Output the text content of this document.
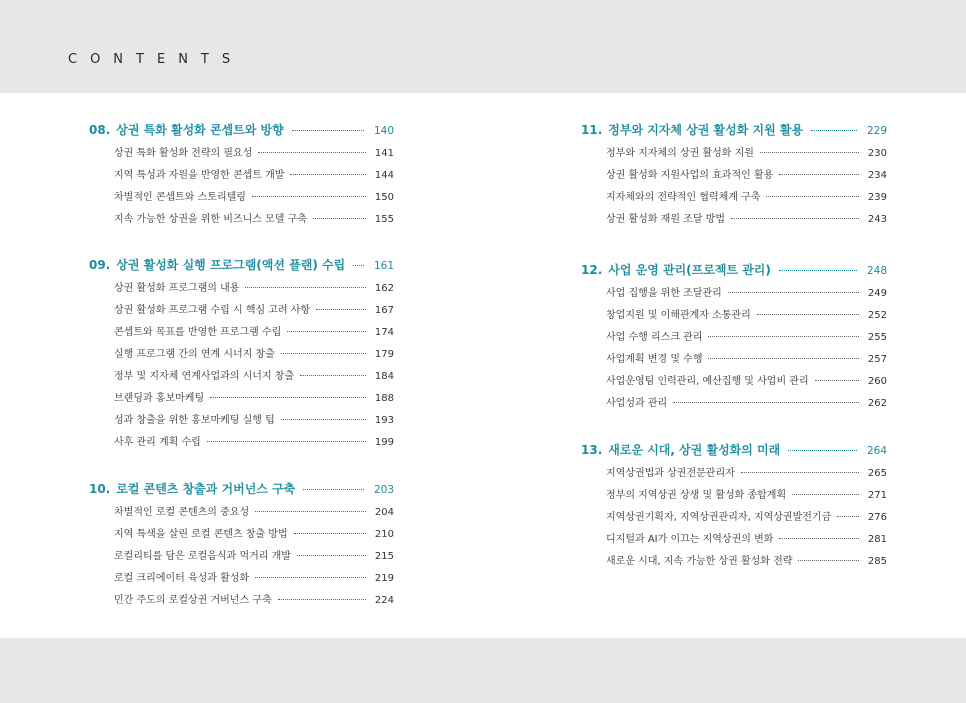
CONTENTS
08. 상권 특화 활성화 콘셉트와 방향	140
상권 특화 활성화 전략의 필요성	141
지역 특성과 자원을 반영한 콘셉트 개발	144
차별적인 콘셉트와 스토리텔링	150
지속 가능한 상권을 위한 비즈니스 모델 구축	155
09. 상권 활성화 실행 프로그램(액션 플랜) 수립	161
상권 활성화 프로그램의 내용	162
상권 활성화 프로그램 수립 시 핵심 고려 사항	167
콘셉트와 목표를 반영한 프로그램 수립	174
실행 프로그램 간의 연계 시너지 창출	179
정부 및 지자체 연계사업과의 시너지 창출	184
브랜딩과 홍보마케팅	188
성과 창출을 위한 홍보마케팅 실행 팁	193
사후 관리 계획 수립	199
10. 로컬 콘텐츠 창출과 거버넌스 구축	203
차별적인 로컬 콘텐츠의 중요성	204
지역 특색을 살린 로컬 콘텐츠 창출 방법	210
로컬리티를 담은 로컬음식과 먹거리 개발	215
로컬 크리에이터 육성과 활성화	219
민간 주도의 로컬상권 거버넌스 구축	224
11. 정부와 지자체 상권 활성화 지원 활용	229
정부와 지자체의 상권 활성화 지원	230
상권 활성화 지원사업의 효과적인 활용	234
지자체와의 전략적인 협력체계 구축	239
상권 활성화 재원 조달 방법	243
12. 사업 운영 관리(프로젝트 관리)	248
사업 집행을 위한 조달관리	249
창업지원 및 이해관계자 소통관리	252
사업 수행 리스크 관리	255
사업계획 변경 및 수행	257
사업운영팀 인력관리, 예산집행 및 사업비 관리	260
사업성과 관리	262
13. 새로운 시대, 상권 활성화의 미래	264
지역상권법과 상권전문관리자	265
정부의 지역상권 상생 및 활성화 종합계획	271
지역상권기획자, 지역상권관리자, 지역상권발전기금	276
디지털과 AI가 이끄는 지역상권의 변화	281
새로운 시대, 지속 가능한 상권 활성화 전략	285
